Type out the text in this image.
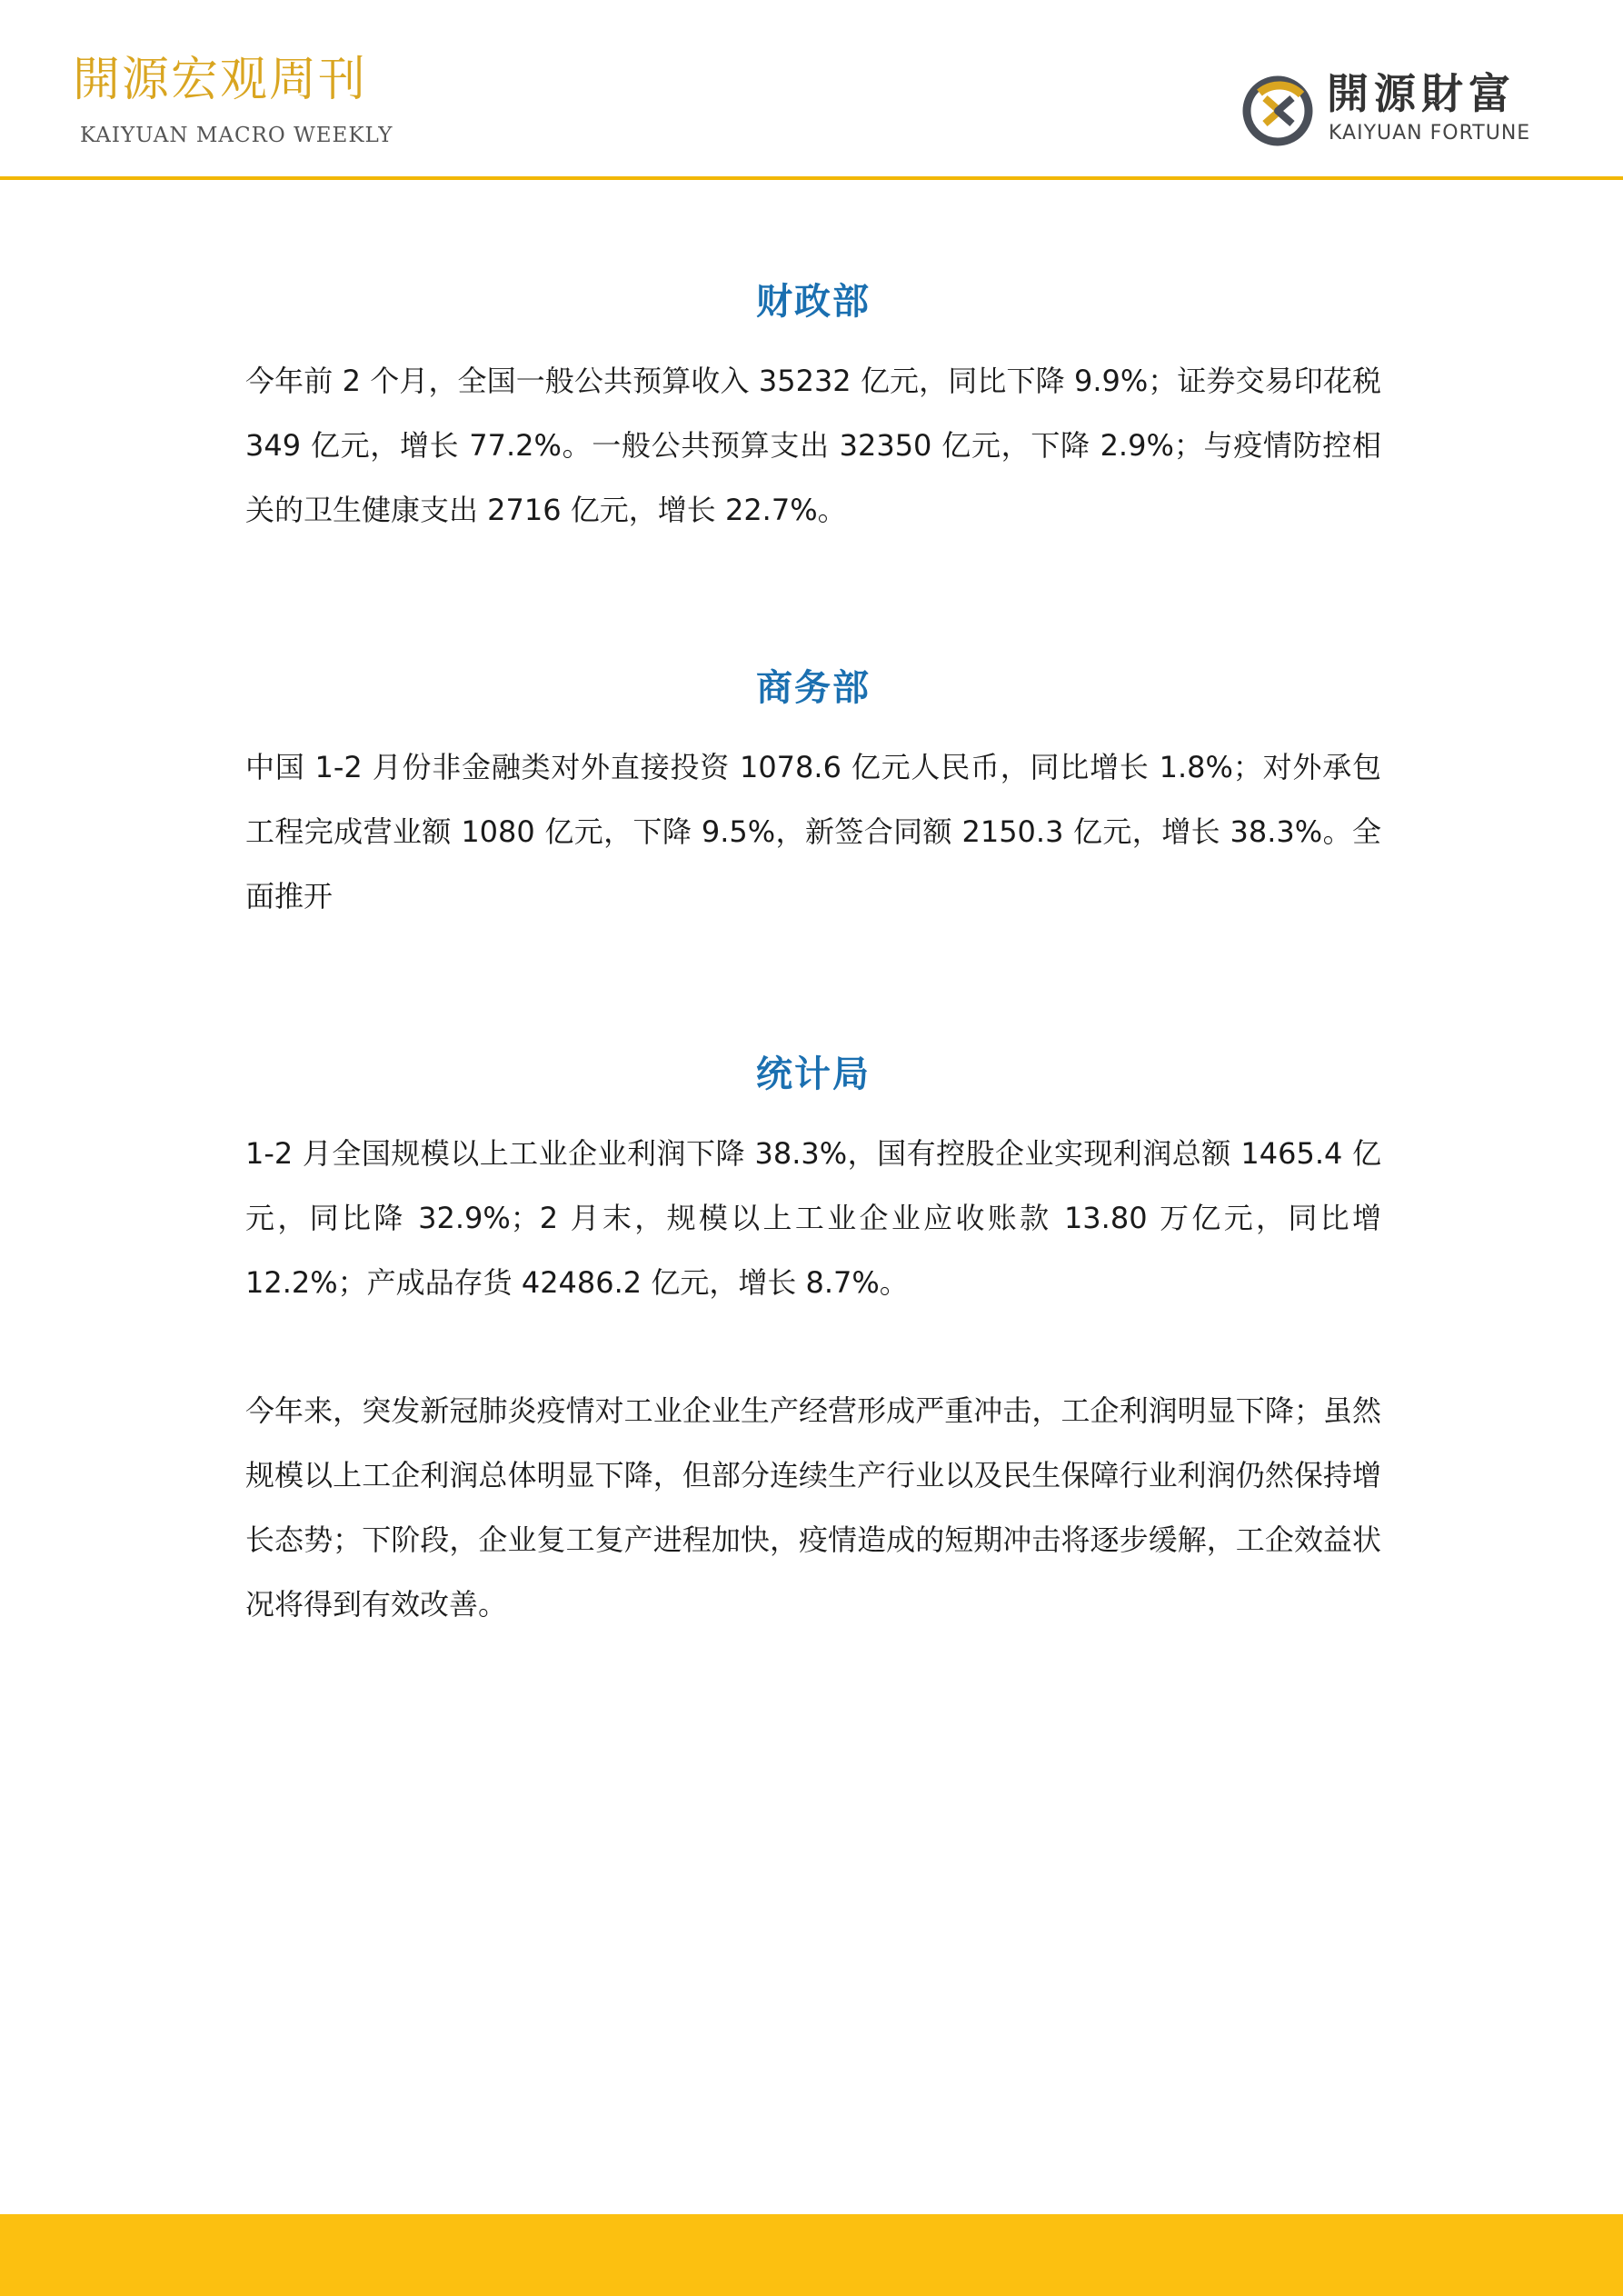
開源宏观周刊
KAIYUAN MACRO WEEKLY
開源財富
KAIYUAN FORTUNE
财政部

今年前 2 个月，全国一般公共预算收入 35232 亿元，同比下降 9.9%；证券交易印花税 349 亿元，增长 77.2%。一般公共预算支出 32350 亿元，下降 2.9%；与疫情防控相关的卫生健康支出 2716 亿元，增长 22.7%。

商务部

中国 1-2 月份非金融类对外直接投资 1078.6 亿元人民币，同比增长 1.8%；对外承包工程完成营业额 1080 亿元，下降 9.5%，新签合同额 2150.3 亿元，增长 38.3%。全面推开

统计局

1-2 月全国规模以上工业企业利润下降 38.3%，国有控股企业实现利润总额 1465.4 亿元，同比降 32.9%；2 月末，规模以上工业企业应收账款 13.80 万亿元，同比增 12.2%；产成品存货 42486.2 亿元，增长 8.7%。

今年来，突发新冠肺炎疫情对工业企业生产经营形成严重冲击，工企利润明显下降；虽然规模以上工企利润总体明显下降，但部分连续生产行业以及民生保障行业利润仍然保持增长态势；下阶段，企业复工复产进程加快，疫情造成的短期冲击将逐步缓解，工企效益状况将得到有效改善。
